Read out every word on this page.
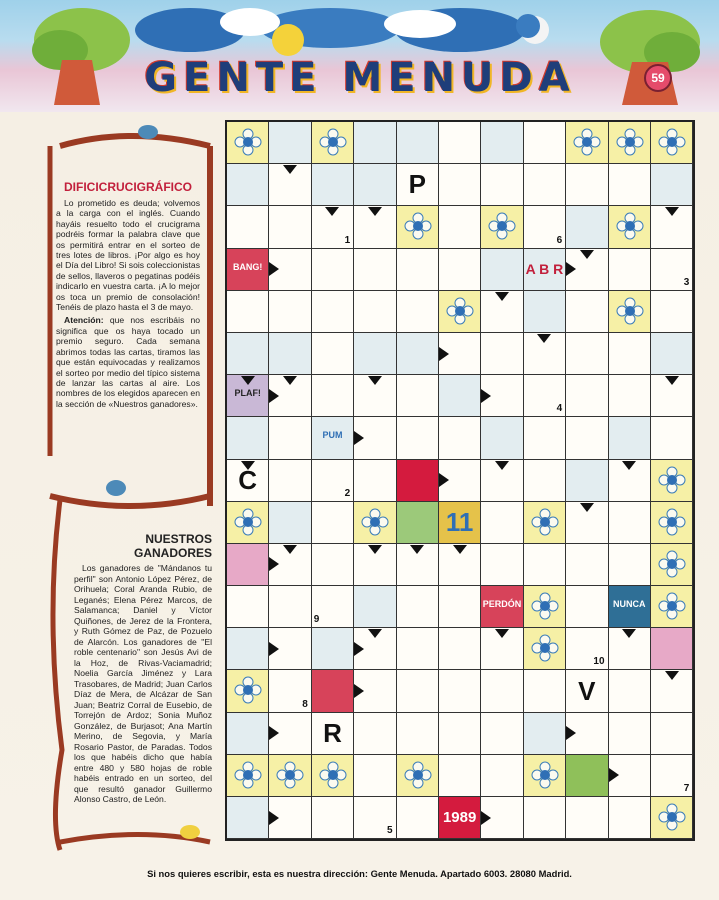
GENTE MENUDA	59
DIFICICRUCIGRÁFICO

Lo prometido es deuda; volvemos a la carga con el inglés. Cuando hayáis resuelto todo el crucigrama podréis formar la palabra clave que os permitirá entrar en el sorteo de tres lotes de libros. ¡Por algo es hoy el Día del Libro! Si sois coleccionistas de sellos, llaveros o pegatinas podéis indicarlo en vuestra carta. ¡A lo mejor os toca un premio de consolación! Tenéis de plazo hasta el 3 de mayo.

Atención: que nos escribáis no significa que os haya tocado un premio seguro. Cada semana abrimos todas las cartas, tiramos las que están equivocadas y realizamos el sorteo por medio del típico sistema de lanzar las cartas al aire. Los nombres de los elegidos aparecen en la sección de «Nuestros ganadores».

NUESTROS GANADORES

Los ganadores de "Mándanos tu perfil" son Antonio López Pérez, de Orihuela; Coral Aranda Rubio, de Leganés; Elena Pérez Marcos, de Salamanca; Daniel y Víctor Quiñones, de Jerez de la Frontera, y Ruth Gómez de Paz, de Pozuelo de Alarcón. Los ganadores de "El roble centenario" son Jesús Avi de la Hoz, de Rivas-Vaciamadrid; Noelia García Jiménez y Lara Trasobares, de Madrid; Juan Carlos Díaz de Mera, de Alcázar de San Juan; Beatriz Corral de Eusebio, de Torrejón de Ardoz; Sonia Muñoz González, de Burjasot; Ana Martín Merino, de Segovia, y María Rosario Pastor, de Paradas. Todos los que habéis dicho que había entre 480 y 580 hojas de roble habéis entrado en un sorteo, del que resultó ganador Guillermo Alonso Castro, de León.

P
1	6
BANG!	A B R
3
PLAF!
4
PUM
C	2
11
PERDÓN	NUNCA
9
8	V
10
R
7
5
1989
Si nos quieres escribir, esta es nuestra dirección: Gente Menuda. Apartado 6003. 28080 Madrid.
